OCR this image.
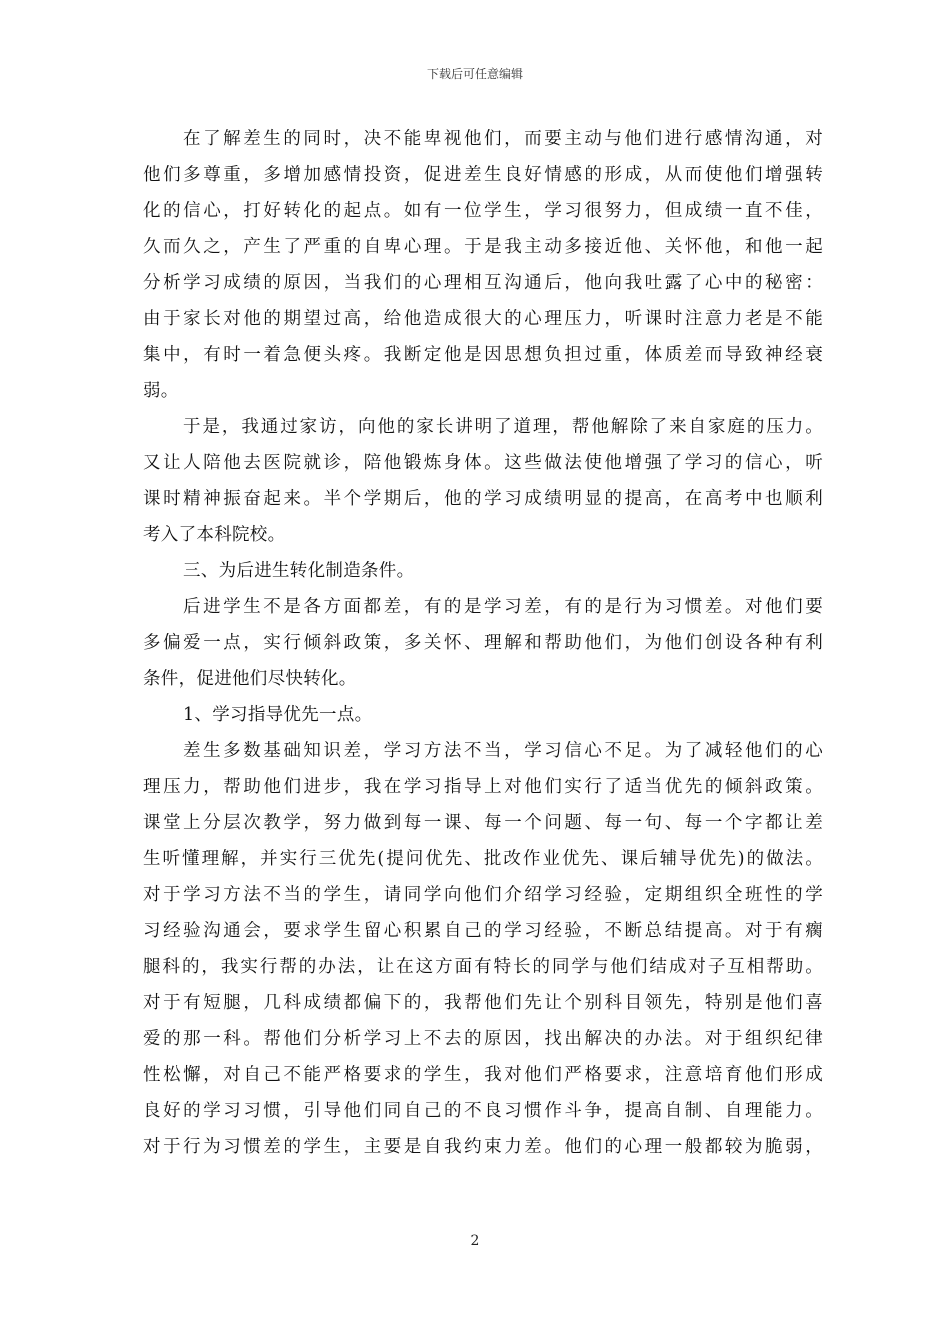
下载后可任意编辑
在了解差生的同时，决不能卑视他们，而要主动与他们进行感情沟通，对
他们多尊重，多增加感情投资，促进差生良好情感的形成，从而使他们增强转
化的信心，打好转化的起点。如有一位学生，学习很努力，但成绩一直不佳，
久而久之，产生了严重的自卑心理。于是我主动多接近他、关怀他，和他一起
分析学习成绩的原因，当我们的心理相互沟通后，他向我吐露了心中的秘密：
由于家长对他的期望过高，给他造成很大的心理压力，听课时注意力老是不能
集中，有时一着急便头疼。我断定他是因思想负担过重，体质差而导致神经衰
弱。
于是，我通过家访，向他的家长讲明了道理，帮他解除了来自家庭的压力。
又让人陪他去医院就诊，陪他锻炼身体。这些做法使他增强了学习的信心，听
课时精神振奋起来。半个学期后，他的学习成绩明显的提高，在高考中也顺利
考入了本科院校。
三、为后进生转化制造条件。
后进学生不是各方面都差，有的是学习差，有的是行为习惯差。对他们要
多偏爱一点，实行倾斜政策，多关怀、理解和帮助他们，为他们创设各种有利
条件，促进他们尽快转化。
1、学习指导优先一点。
差生多数基础知识差，学习方法不当，学习信心不足。为了减轻他们的心
理压力，帮助他们进步，我在学习指导上对他们实行了适当优先的倾斜政策。
课堂上分层次教学，努力做到每一课、每一个问题、每一句、每一个字都让差
生听懂理解，并实行三优先(提问优先、批改作业优先、课后辅导优先)的做法。
对于学习方法不当的学生，请同学向他们介绍学习经验，定期组织全班性的学
习经验沟通会，要求学生留心积累自己的学习经验，不断总结提高。对于有瘸
腿科的，我实行帮的办法，让在这方面有特长的同学与他们结成对子互相帮助。
对于有短腿，几科成绩都偏下的，我帮他们先让个别科目领先，特别是他们喜
爱的那一科。帮他们分析学习上不去的原因，找出解决的办法。对于组织纪律
性松懈，对自己不能严格要求的学生，我对他们严格要求，注意培育他们形成
良好的学习习惯，引导他们同自己的不良习惯作斗争，提高自制、自理能力。
对于行为习惯差的学生，主要是自我约束力差。他们的心理一般都较为脆弱，
2
